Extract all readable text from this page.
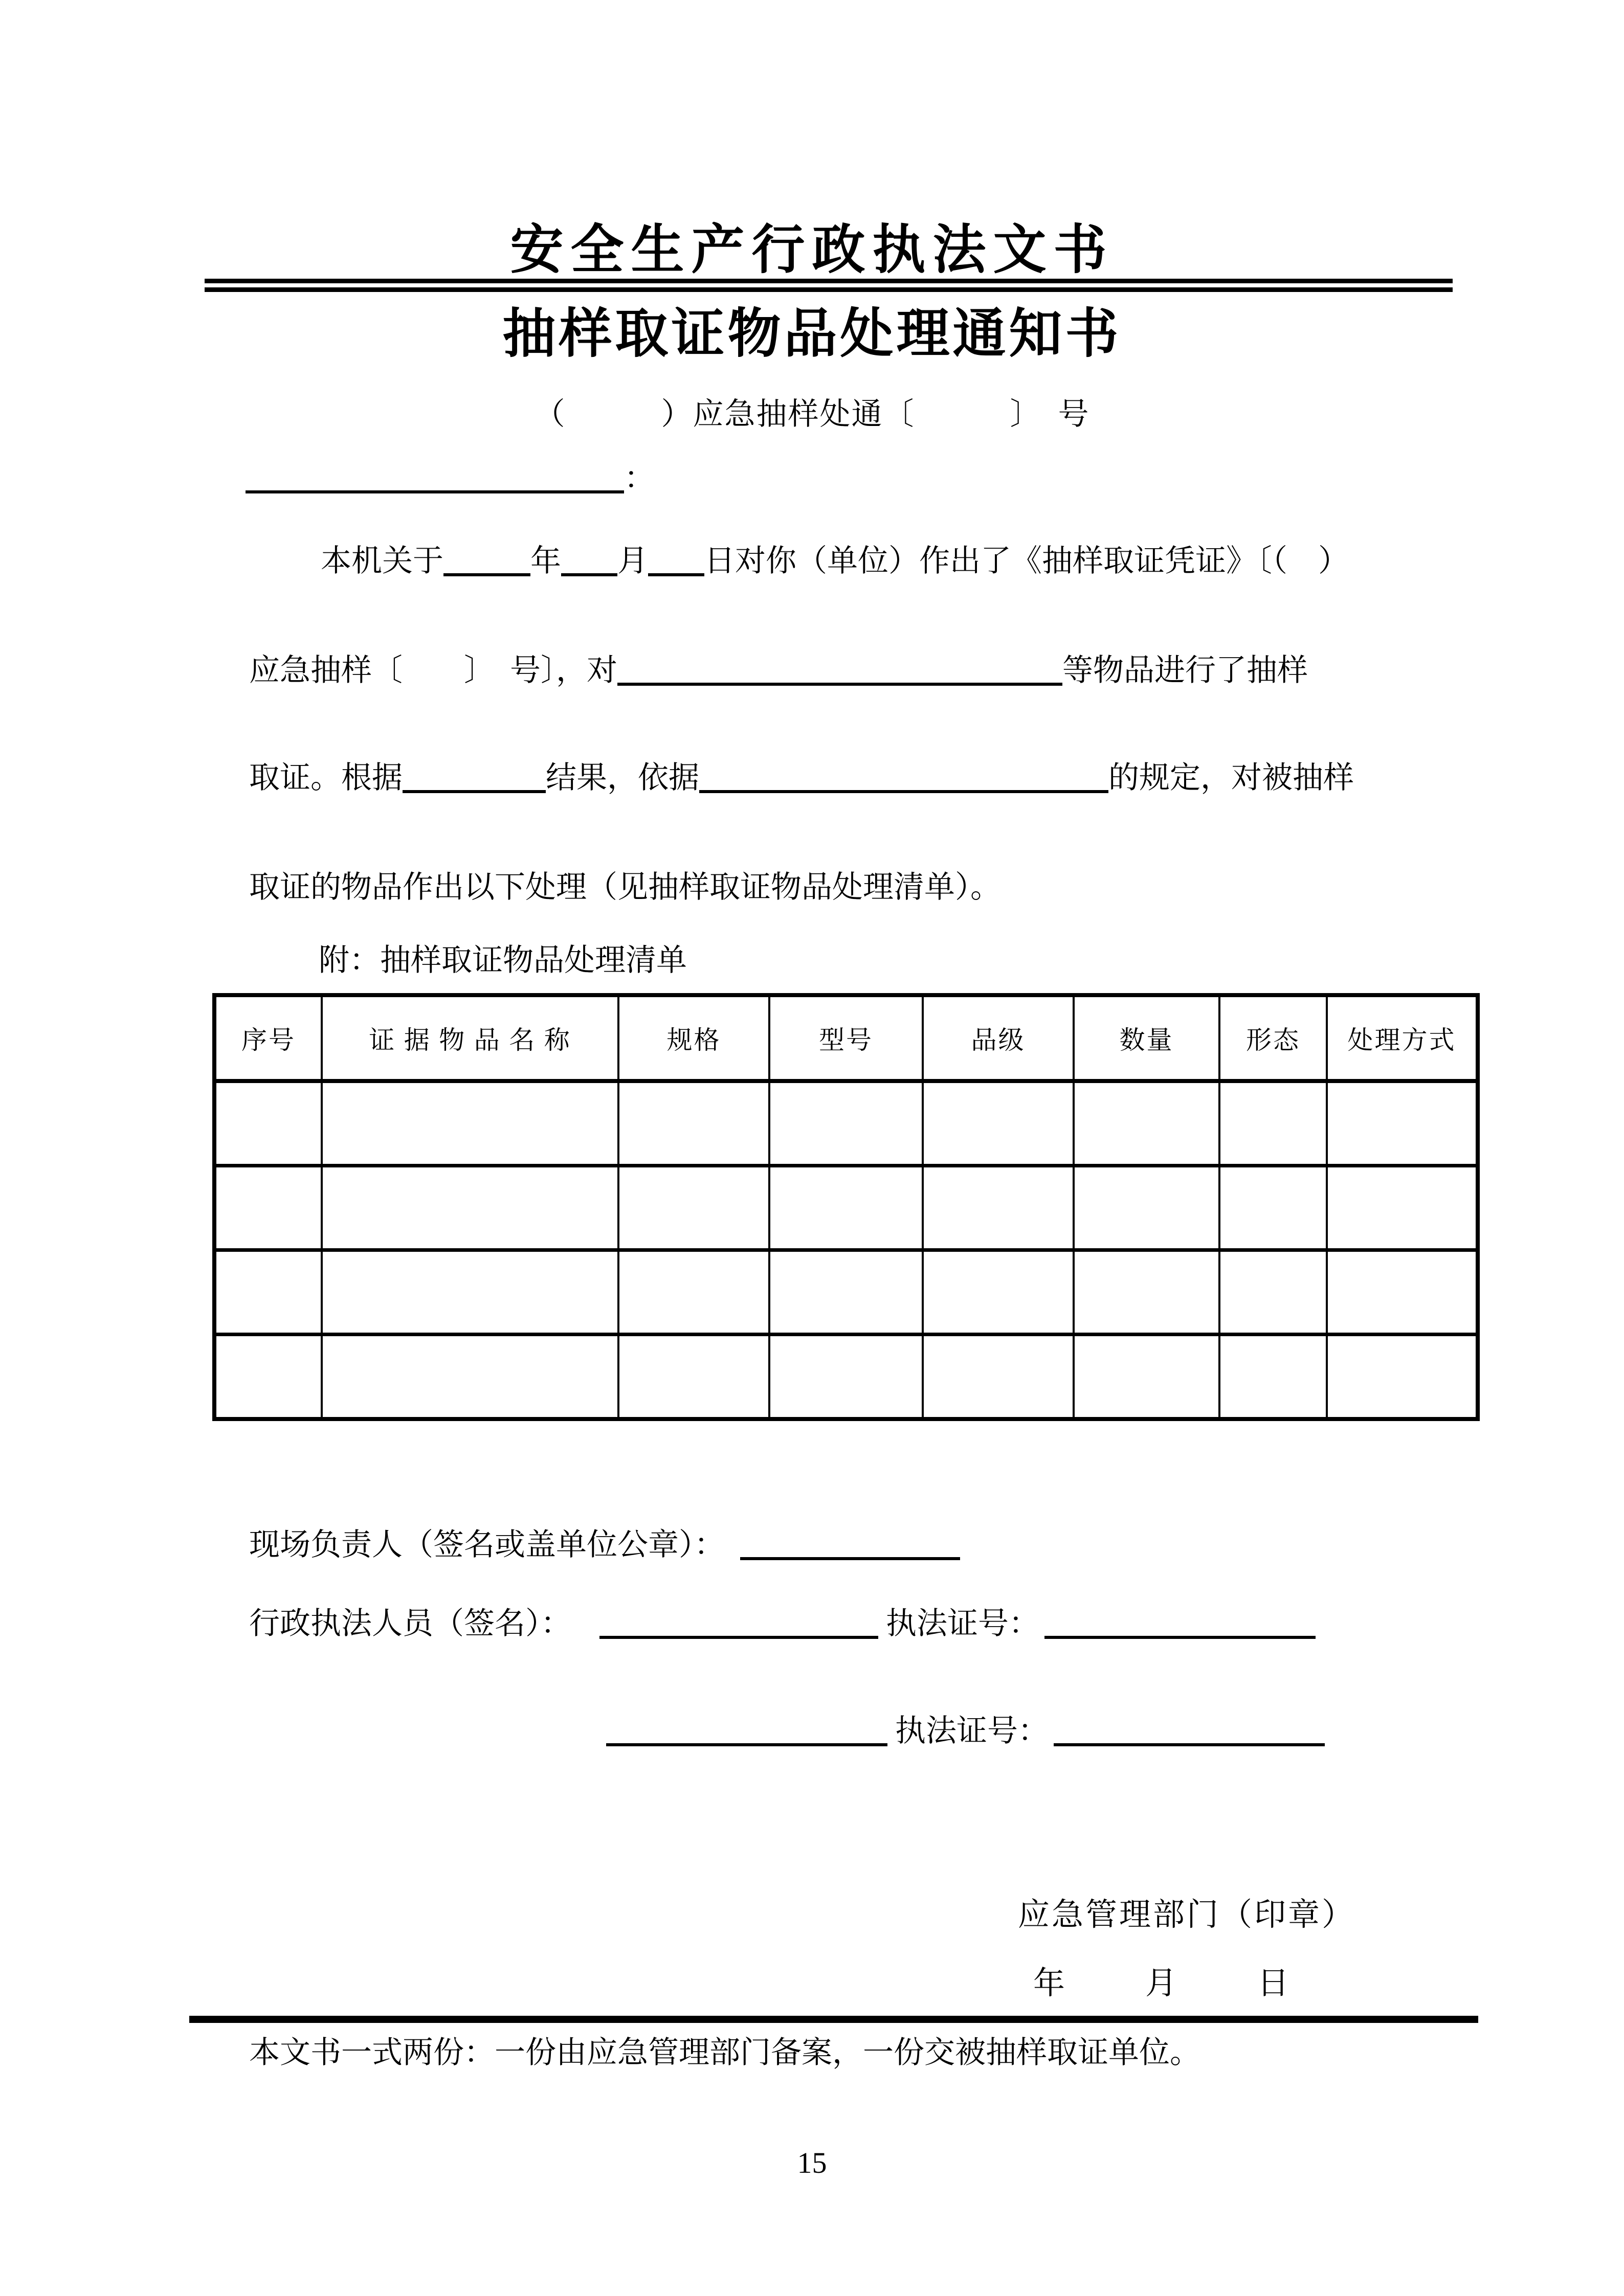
安全生产行政执法文书
抽样取证物品处理通知书
（　　　）应急抽样处通〔　　　〕　号
：
本机关于	年 月 日对你（单位）作出了《抽样取证凭证》〔（　）
应急抽样〔　　〕　号〕，对	等物品进行了抽样
取证。根据	结果，依据	的规定，对被抽样
取证的物品作出以下处理（见抽样取证物品处理清单）。
附：抽样取证物品处理清单
序号	证 据 物 品 名 称	规格	型号	品级	数量	形态	处理方式

现场负责人（签名或盖单位公章）：
行政执法人员（签名）：	执法证号：
执法证号：
应急管理部门（印章）
年	月	日
本文书一式两份：一份由应急管理部门备案，一份交被抽样取证单位。
15
